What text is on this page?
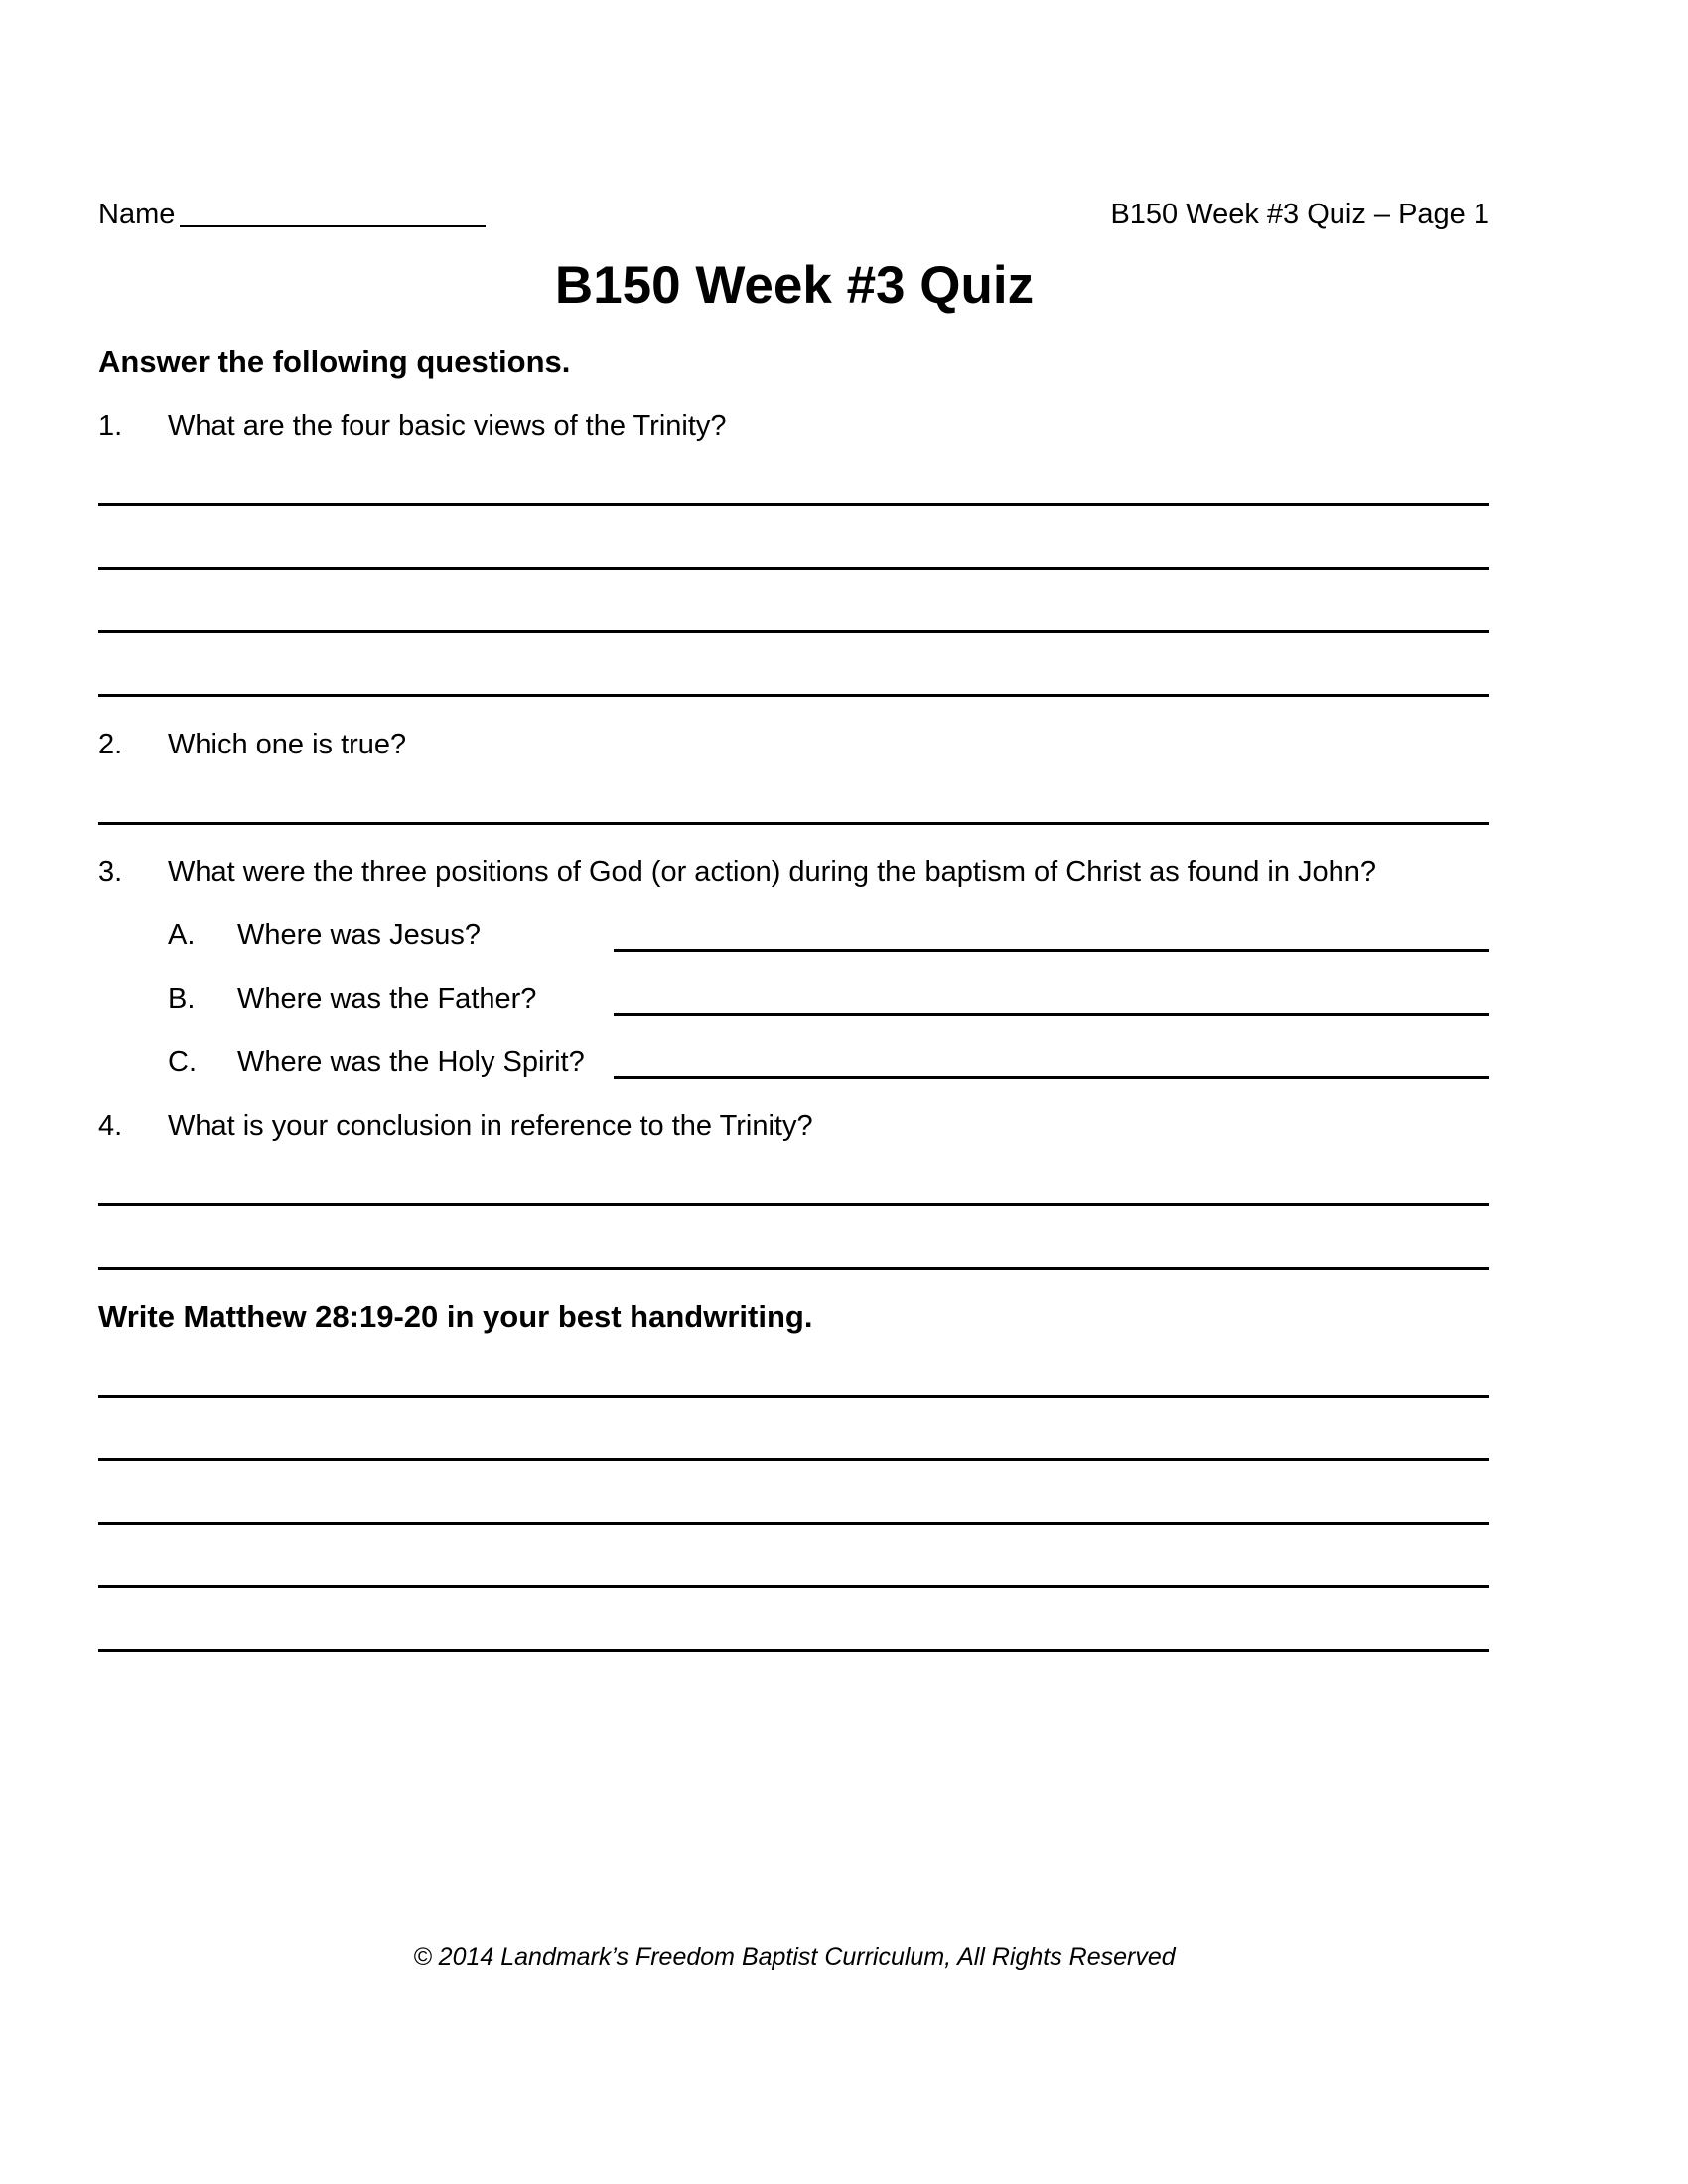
Name	B150 Week #3 Quiz – Page 1
B150 Week #3 Quiz
Answer the following questions.
1. What are the four basic views of the Trinity?
2. Which one is true?
3. What were the three positions of God (or action) during the baptism of Christ as found in John?
A. Where was Jesus?
B. Where was the Father?
C. Where was the Holy Spirit?
4. What is your conclusion in reference to the Trinity?
Write Matthew 28:19-20 in your best handwriting.
© 2014 Landmark’s Freedom Baptist Curriculum, All Rights Reserved
